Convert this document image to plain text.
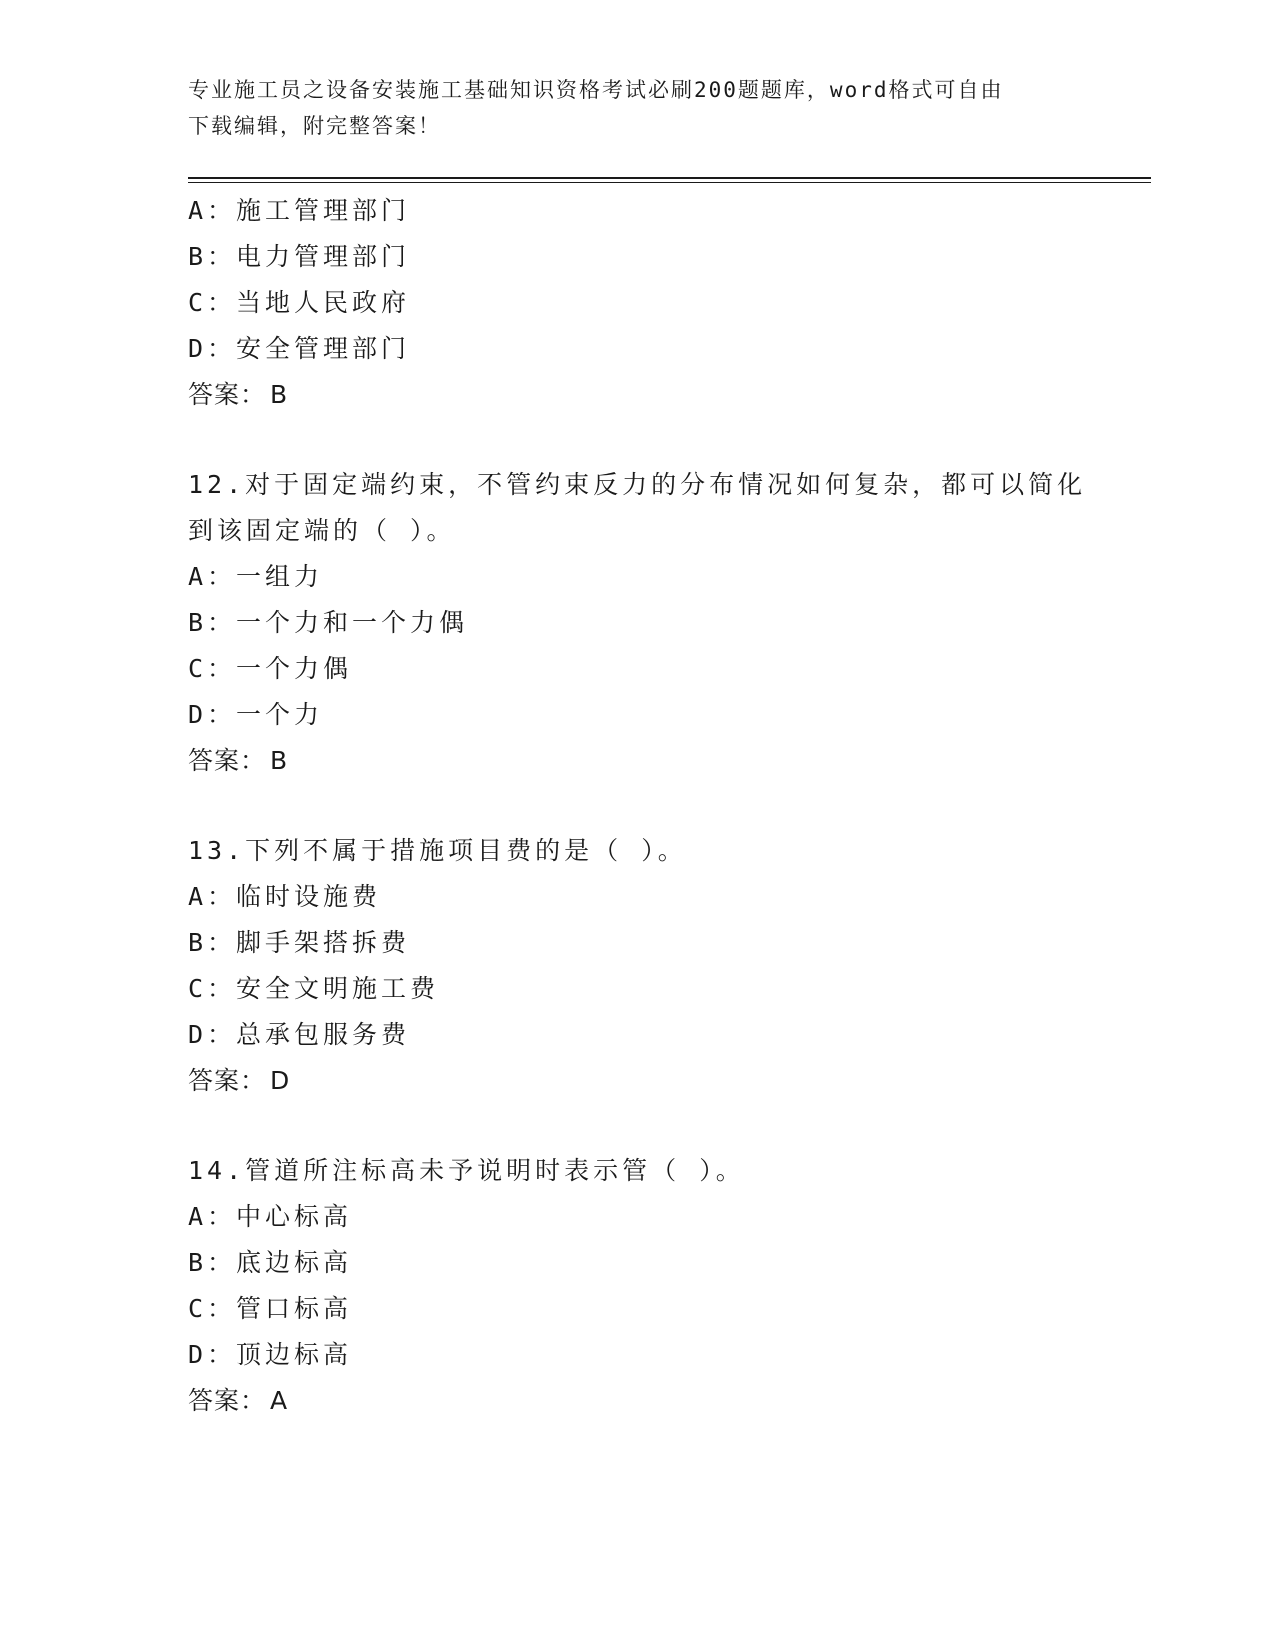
专业施工员之设备安装施工基础知识资格考试必刷200题题库，word格式可自由
下载编辑，附完整答案！
A：施工管理部门
B：电力管理部门
C：当地人民政府
D：安全管理部门
答案： B
12.对于固定端约束，不管约束反力的分布情况如何复杂，都可以简化
到该固定端的（ ）。
A：一组力
B：一个力和一个力偶
C：一个力偶
D：一个力
答案： B
13.下列不属于措施项目费的是（ ）。
A：临时设施费
B：脚手架搭拆费
C：安全文明施工费
D：总承包服务费
答案： D
14.管道所注标高未予说明时表示管（ ）。
A：中心标高
B：底边标高
C：管口标高
D：顶边标高
答案： A
